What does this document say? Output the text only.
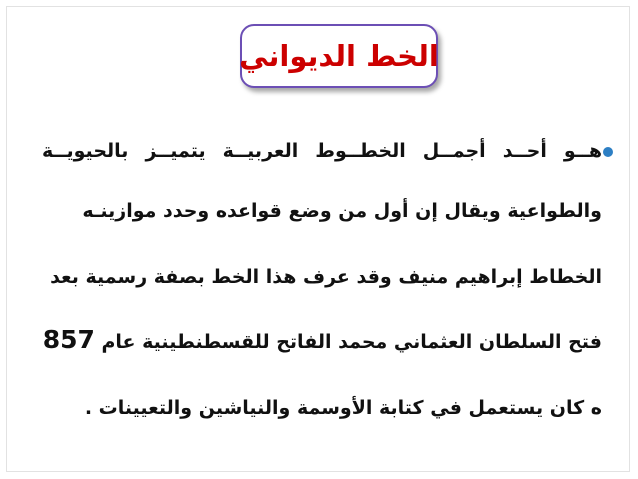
الخط الديواني
هــو أحــد أجمــل الخطــوط العربيــة يتميــز بالحيويــة
والطواعية ويقال إن أول من وضع قواعده وحدد موازينـه
الخطاط إبراهيم منيف وقد عرف هذا الخط بصفة رسمية بعد
فتح السلطان العثماني محمد الفاتح للقسطنطينية عام 857
ه كان يستعمل في كتابة الأوسمة والنياشين والتعيينات .
